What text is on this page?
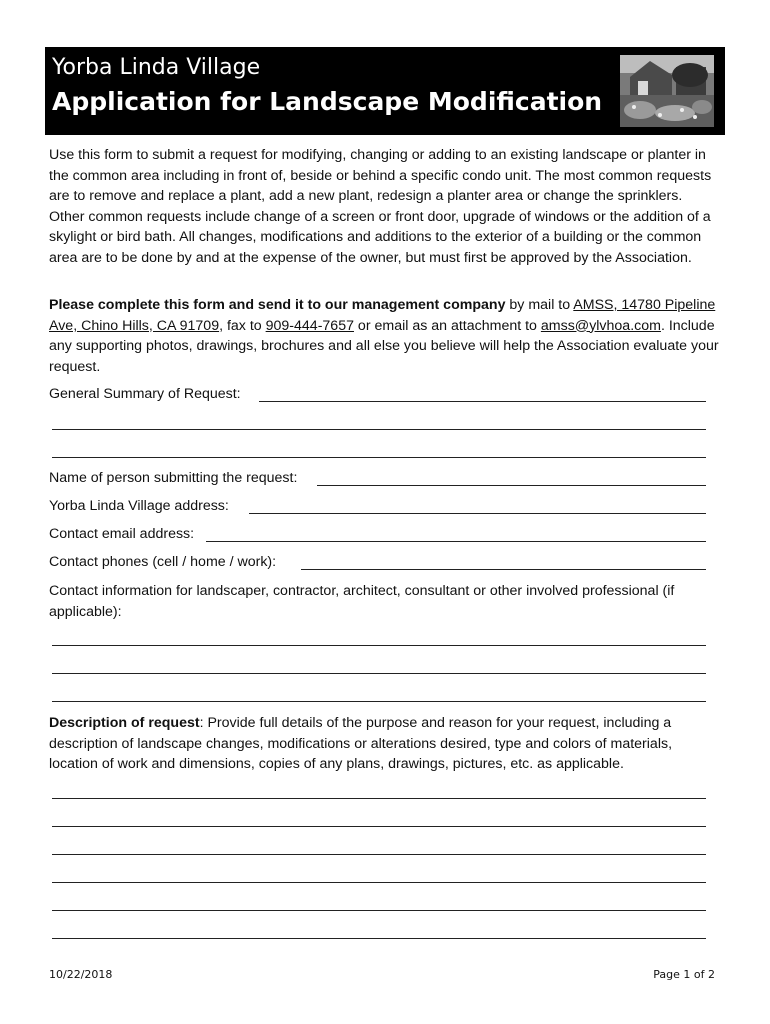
Yorba Linda Village
Application for Landscape Modification
Use this form to submit a request for modifying, changing or adding to an existing landscape or planter in the common area including in front of, beside or behind a specific condo unit. The most common requests are to remove and replace a plant, add a new plant, redesign a planter area or change the sprinklers. Other common requests include change of a screen or front door, upgrade of windows or the addition of a skylight or bird bath. All changes, modifications and additions to the exterior of a building or the common area are to be done by and at the expense of the owner, but must first be approved by the Association.
Please complete this form and send it to our management company by mail to AMSS, 14780 Pipeline Ave, Chino Hills, CA 91709, fax to 909-444-7657 or email as an attachment to amss@ylvhoa.com. Include any supporting photos, drawings, brochures and all else you believe will help the Association evaluate your request.
General Summary of Request:
Name of person submitting the request:
Yorba Linda Village address:
Contact email address:
Contact phones (cell / home / work):
Contact information for landscaper, contractor, architect, consultant or other involved professional (if applicable):
Description of request: Provide full details of the purpose and reason for your request, including a description of landscape changes, modifications or alterations desired, type and colors of materials, location of work and dimensions, copies of any plans, drawings, pictures, etc. as applicable.
10/22/2018	Page 1 of 2
